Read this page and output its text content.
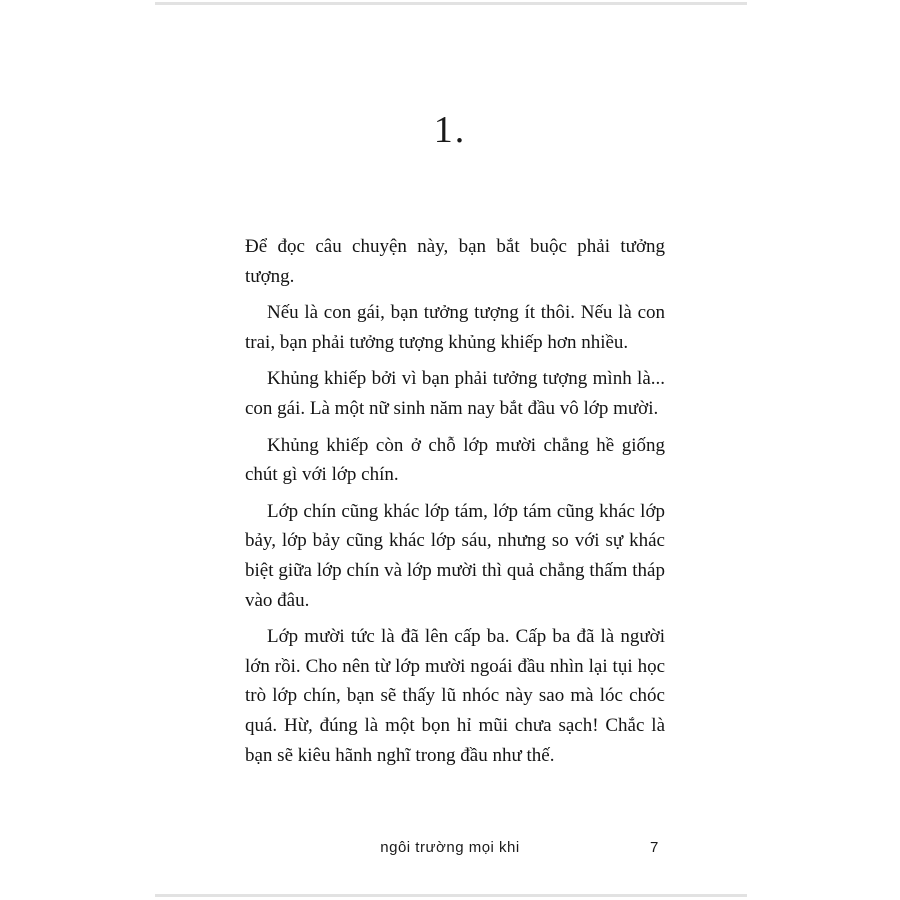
1.

Để đọc câu chuyện này, bạn bắt buộc phải tưởng tượng.

Nếu là con gái, bạn tưởng tượng ít thôi. Nếu là con trai, bạn phải tưởng tượng khủng khiếp hơn nhiều.

Khủng khiếp bởi vì bạn phải tưởng tượng mình là... con gái. Là một nữ sinh năm nay bắt đầu vô lớp mười.

Khủng khiếp còn ở chỗ lớp mười chẳng hề giống chút gì với lớp chín.

Lớp chín cũng khác lớp tám, lớp tám cũng khác lớp bảy, lớp bảy cũng khác lớp sáu, nhưng so với sự khác biệt giữa lớp chín và lớp mười thì quả chẳng thấm tháp vào đâu.

Lớp mười tức là đã lên cấp ba. Cấp ba đã là người lớn rồi. Cho nên từ lớp mười ngoái đầu nhìn lại tụi học trò lớp chín, bạn sẽ thấy lũ nhóc này sao mà lóc chóc quá. Hừ, đúng là một bọn hỉ mũi chưa sạch! Chắc là bạn sẽ kiêu hãnh nghĩ trong đầu như thế.

ngôi trường mọi khi	7
